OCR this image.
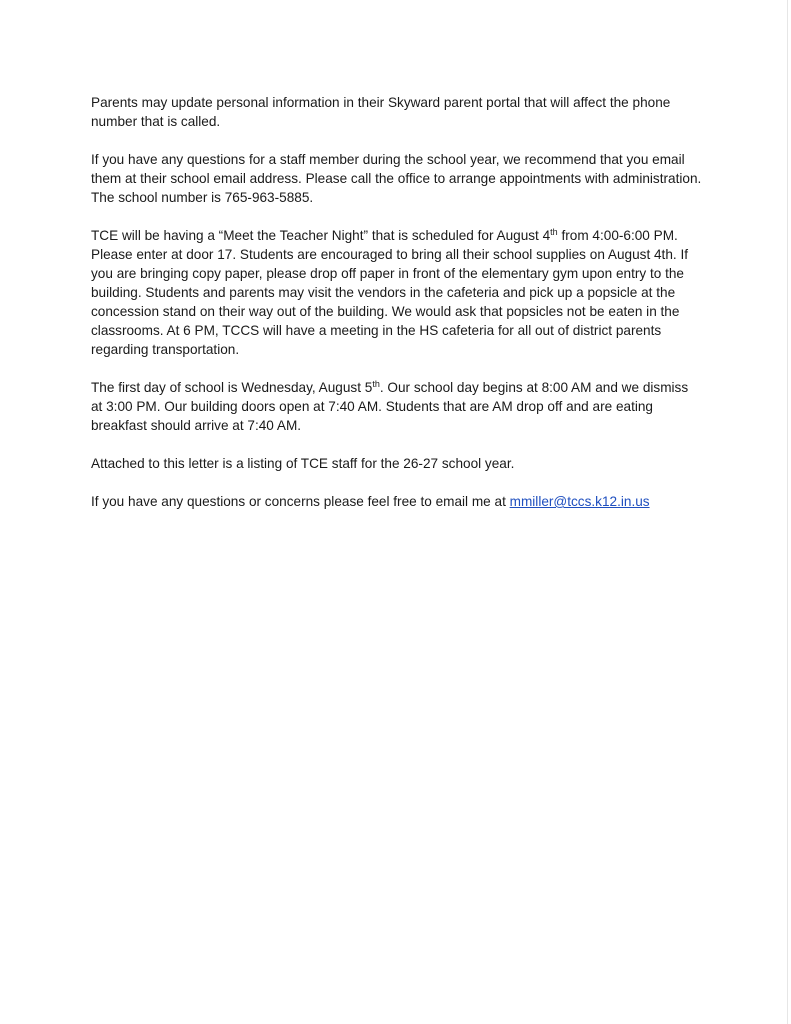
Parents may update personal information in their Skyward parent portal that will affect the phone number that is called.

If you have any questions for a staff member during the school year, we recommend that you email them at their school email address. Please call the office to arrange appointments with administration. The school number is 765-963-5885.

TCE will be having a “Meet the Teacher Night” that is scheduled for August 4th from 4:00-6:00 PM. Please enter at door 17. Students are encouraged to bring all their school supplies on August 4th. If you are bringing copy paper, please drop off paper in front of the elementary gym upon entry to the building. Students and parents may visit the vendors in the cafeteria and pick up a popsicle at the concession stand on their way out of the building. We would ask that popsicles not be eaten in the classrooms. At 6 PM, TCCS will have a meeting in the HS cafeteria for all out of district parents regarding transportation.

The first day of school is Wednesday, August 5th. Our school day begins at 8:00 AM and we dismiss at 3:00 PM. Our building doors open at 7:40 AM. Students that are AM drop off and are eating breakfast should arrive at 7:40 AM.

Attached to this letter is a listing of TCE staff for the 26-27 school year.

If you have any questions or concerns please feel free to email me at mmiller@tccs.k12.in.us
